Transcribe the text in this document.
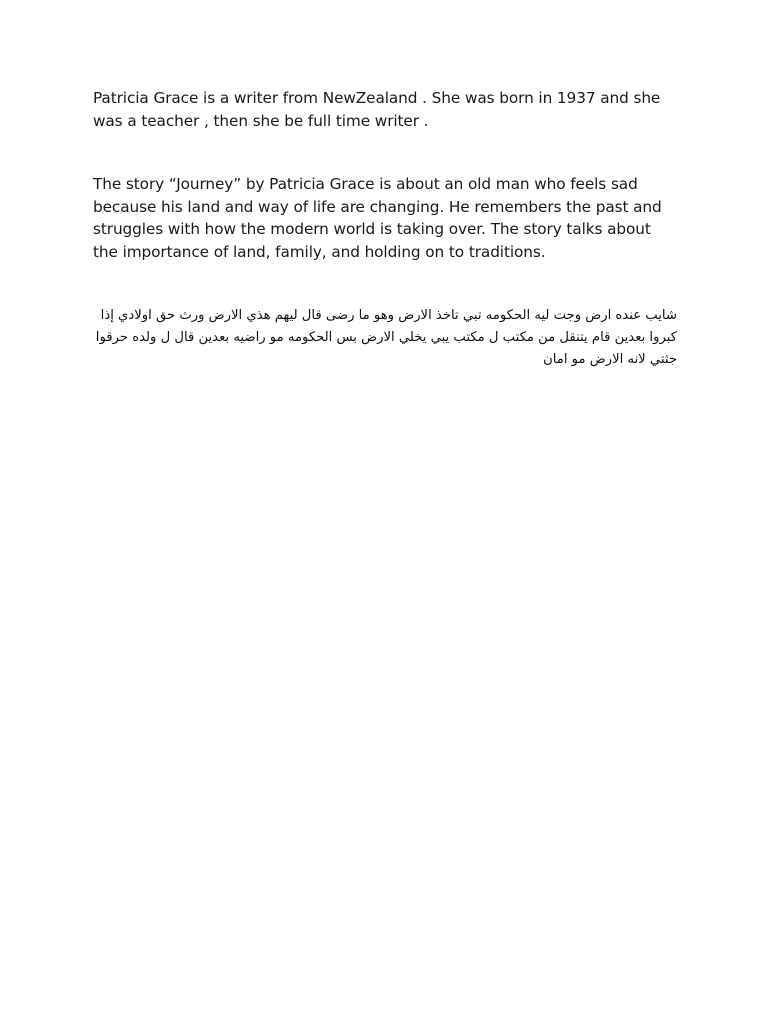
Patricia Grace is a writer from NewZealand . She was born in 1937 and she was a teacher , then she be full time writer .

The story “Journey” by Patricia Grace is about an old man who feels sad because his land and way of life are changing. He remembers the past and struggles with how the modern world is taking over. The story talks about the importance of land, family, and holding on to traditions.

شايب عنده ارض وجت ليه الحكومه تبي تاخذ الارض وهو ما رضى قال ليهم هذي الارض ورث حق اولادي إذا كبروا بعدين قام يتنقل من مكتب ل مكتب يبي يخلي الارض بس الحكومه مو راضيه بعدين قال ل ولده حرقوا جثتي لانه الارض مو امان
